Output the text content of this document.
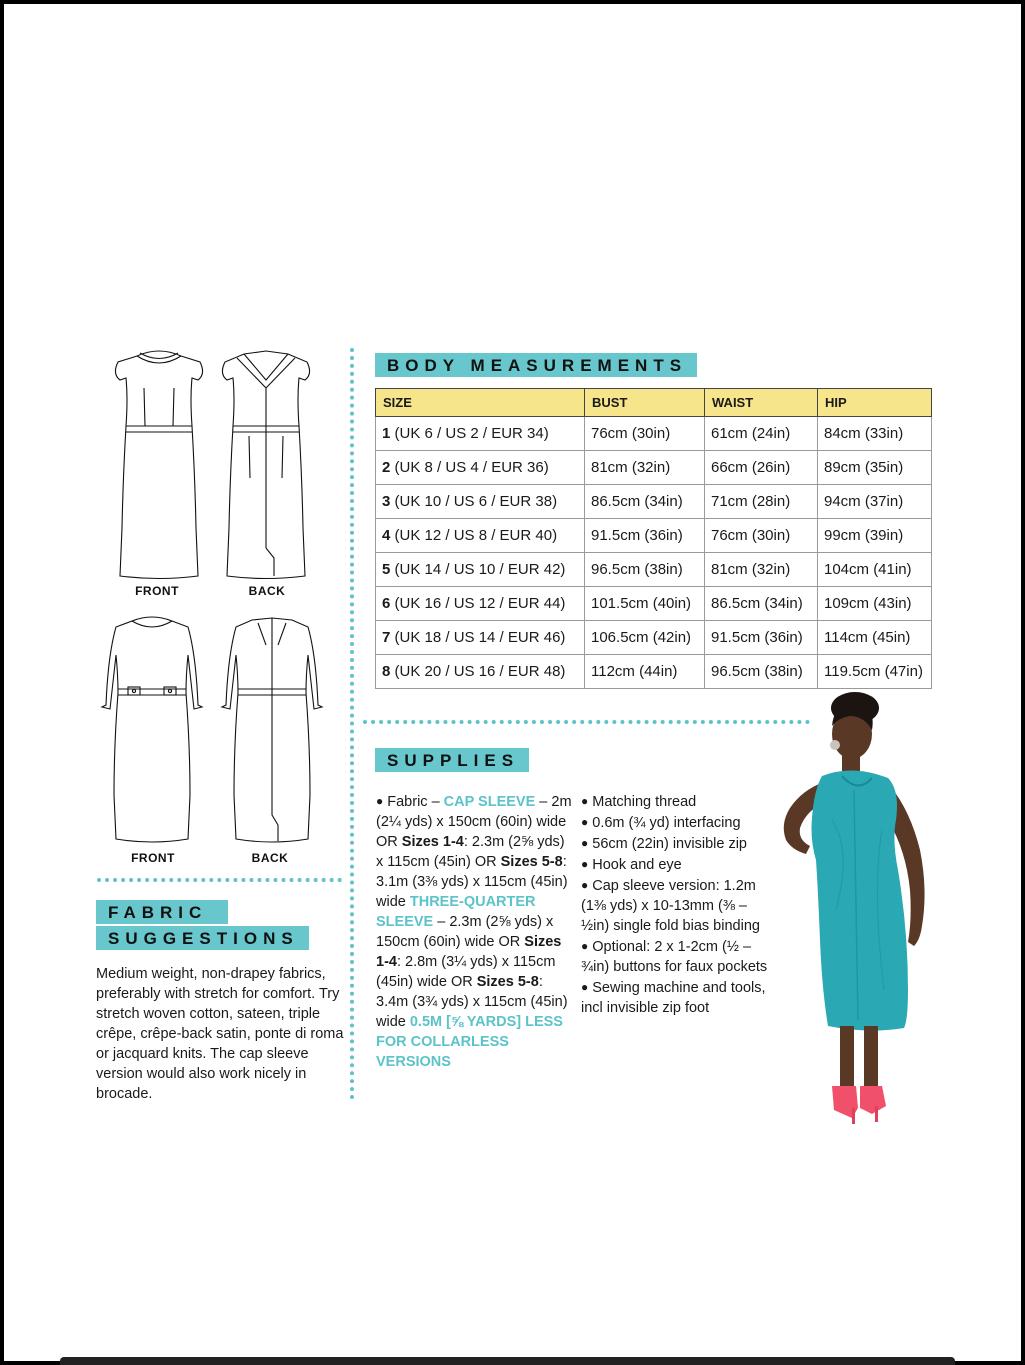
FRONT	BACK
FRONT	BACK
FABRIC
SUGGESTIONS
Medium weight, non-drapey fabrics, preferably with stretch for comfort. Try stretch woven cotton, sateen, triple crêpe, crêpe-back satin, ponte di roma or jacquard knits. The cap sleeve version would also work nicely in brocade.
BODY MEASUREMENTS
SIZE	BUST	WAIST	HIP
1 (UK 6 / US 2 / EUR 34)	76cm (30in)	61cm (24in)	84cm (33in)
2 (UK 8 / US 4 / EUR 36)	81cm (32in)	66cm (26in)	89cm (35in)
3 (UK 10 / US 6 / EUR 38)	86.5cm (34in)	71cm (28in)	94cm (37in)
4 (UK 12 / US 8 / EUR 40)	91.5cm (36in)	76cm (30in)	99cm (39in)
5 (UK 14 / US 10 / EUR 42)	96.5cm (38in)	81cm (32in)	104cm (41in)
6 (UK 16 / US 12 / EUR 44)	101.5cm (40in)	86.5cm (34in)	109cm (43in)
7 (UK 18 / US 14 / EUR 46)	106.5cm (42in)	91.5cm (36in)	114cm (45in)
8 (UK 20 / US 16 / EUR 48)	112cm (44in)	96.5cm (38in)	119.5cm (47in)
SUPPLIES

● Fabric – CAP SLEEVE – 2m (2¼ yds) x 150cm (60in) wide OR Sizes 1-4: 2.3m (2⅝ yds) x 115cm (45in) OR Sizes 5-8: 3.1m (3⅜ yds) x 115cm (45in) wide THREE-QUARTER SLEEVE – 2.3m (2⅝ yds) x 150cm (60in) wide OR Sizes 1-4: 2.8m (3¼ yds) x 115cm (45in) wide OR Sizes 5-8: 3.4m (3¾ yds) x 115cm (45in) wide 0.5M [⅝ YARDS] LESS FOR COLLARLESS VERSIONS

● Matching thread

● 0.6m (¾ yd) interfacing

● 56cm (22in) invisible zip

● Hook and eye

● Cap sleeve version: 1.2m (1⅜ yds) x 10-13mm (⅜ –½in) single fold bias binding

● Optional: 2 x 1-2cm (½ – ¾in) buttons for faux pockets

● Sewing machine and tools, incl invisible zip foot
